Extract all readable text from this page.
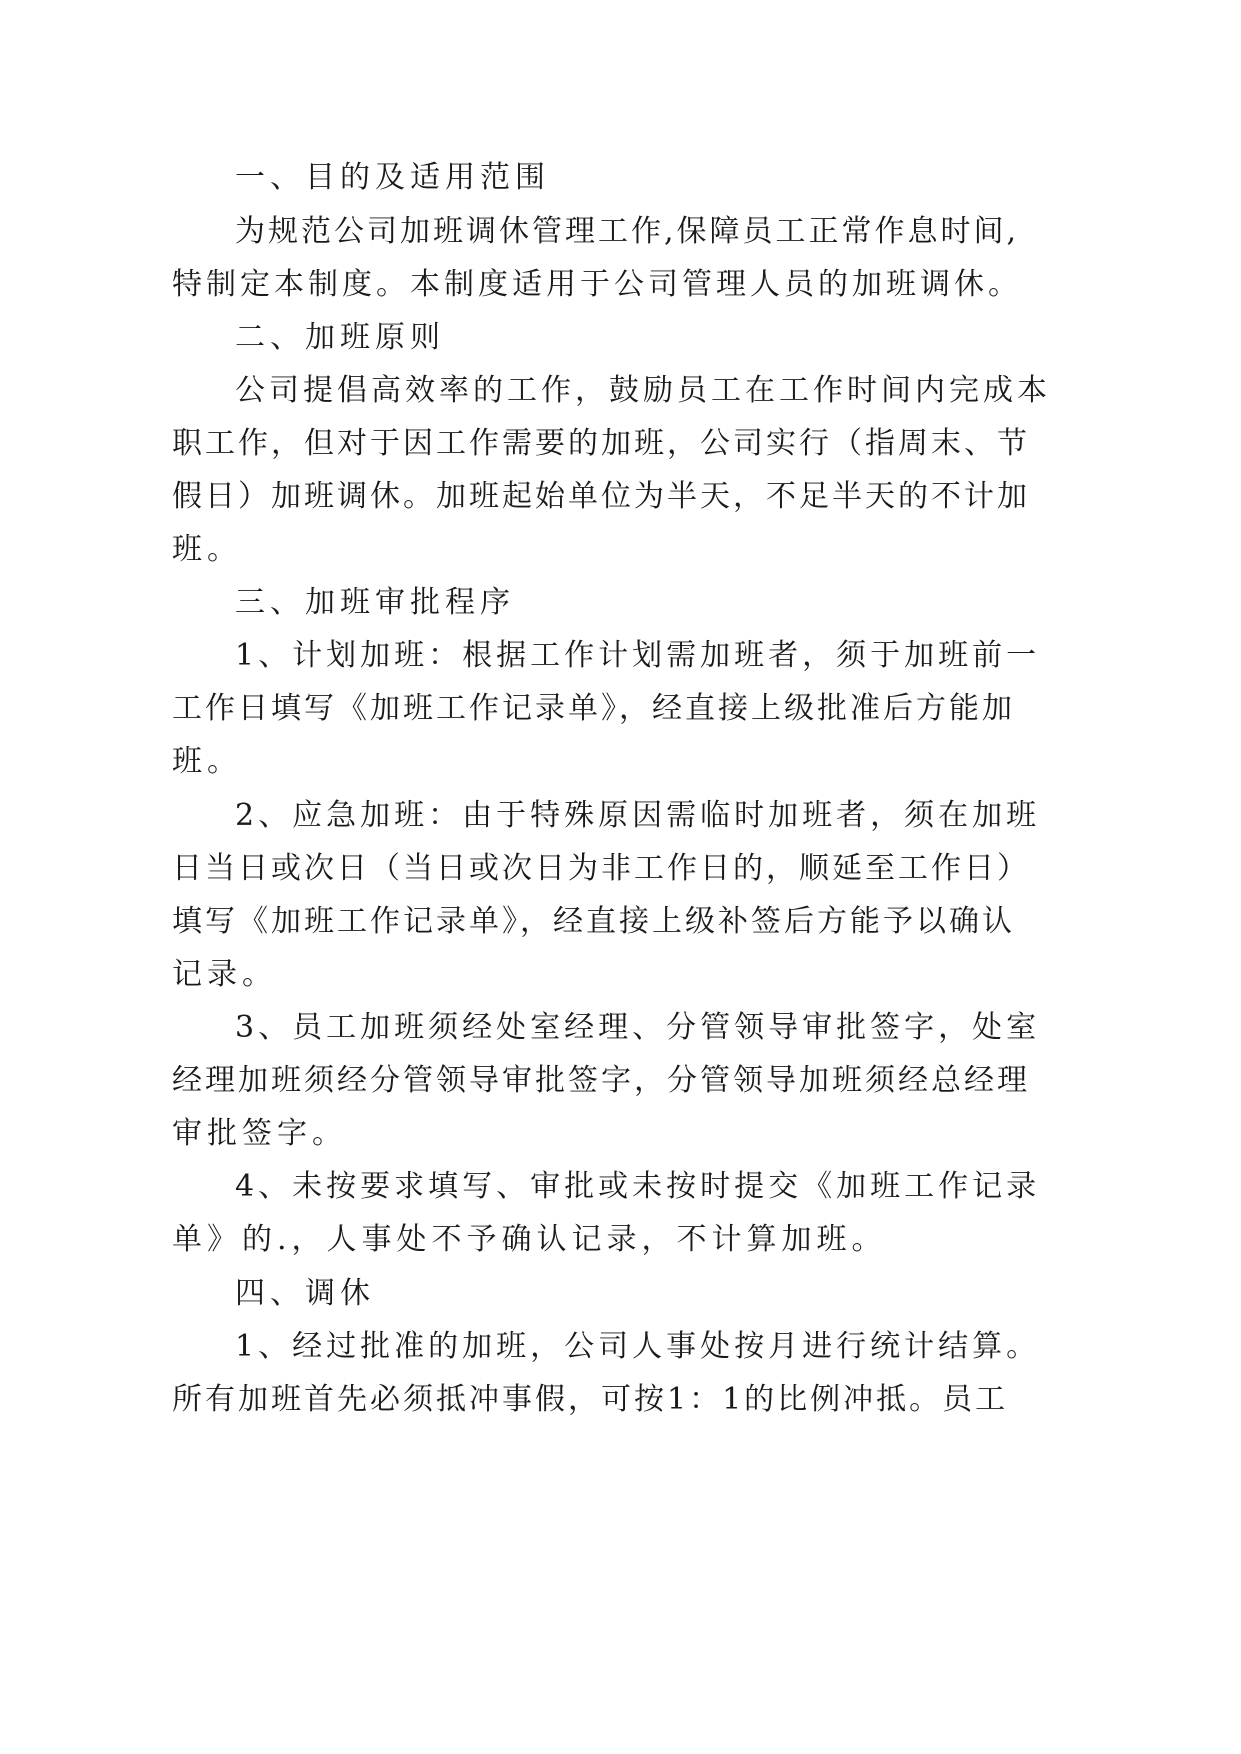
一、目的及适用范围
为规范公司加班调休管理工作,保障员工正常作息时间,
特制定本制度。本制度适用于公司管理人员的加班调休。
二、加班原则
公司提倡高效率的工作，鼓励员工在工作时间内完成本
职工作，但对于因工作需要的加班，公司实行（指周末、节
假日）加班调休。加班起始单位为半天，不足半天的不计加
班。
三、加班审批程序
1、计划加班：根据工作计划需加班者，须于加班前一
工作日填写《加班工作记录单》，经直接上级批准后方能加
班。
2、应急加班：由于特殊原因需临时加班者，须在加班
日当日或次日（当日或次日为非工作日的，顺延至工作日）
填写《加班工作记录单》，经直接上级补签后方能予以确认
记录。
3、员工加班须经处室经理、分管领导审批签字，处室
经理加班须经分管领导审批签字，分管领导加班须经总经理
审批签字。
4、未按要求填写、审批或未按时提交《加班工作记录
单》的.，人事处不予确认记录，不计算加班。
四、调休
1、经过批准的加班，公司人事处按月进行统计结算。
所有加班首先必须抵冲事假，可按1：1的比例冲抵。员工
